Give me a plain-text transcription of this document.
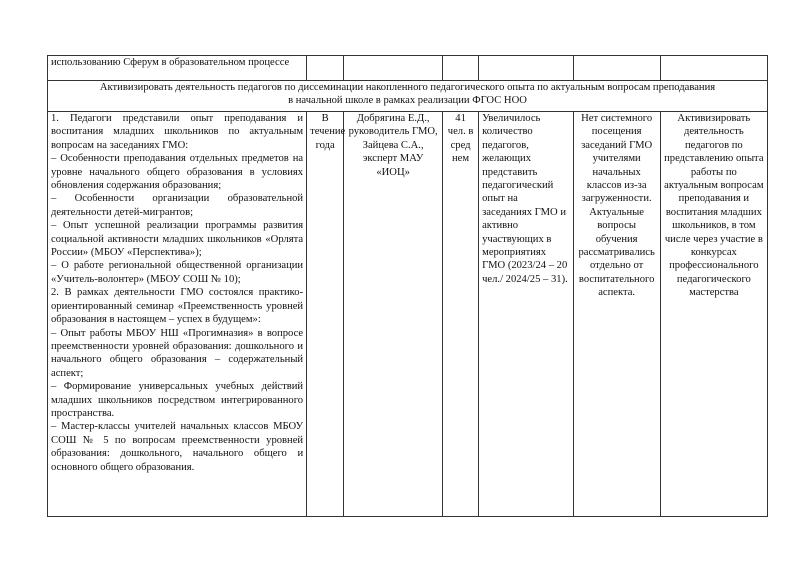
использованию Сферум в образовательном процессе						

Активизировать деятельность педагогов по диссеминации накопленного педагогического опыта по актуальным вопросам преподавания
в начальной школе в рамках реализации ФГОС НОО						

1. Педагоги представили опыт преподавания и воспитания младших школьников по актуальным вопросам на заседаниях ГМО:
– Особенности преподавания отдельных предметов на уровне начального общего образования в условиях обновления содержания образования;
– Особенности организации образовательной деятельности детей-мигрантов;
– Опыт успешной реализации программы развития социальной активности младших школьников «Орлята России» (МБОУ «Перспектива»);
– О работе региональной общественной организации «Учитель-волонтер» (МБОУ СОШ № 10);
2. В рамках деятельности ГМО состоялся практико-ориентированный семинар «Преемственность уровней образования в настоящем – успех в будущем»:
– Опыт работы МБОУ НШ «Прогимназия» в вопросе преемственности уровней образования: дошкольного и начального общего образования – содержательный аспект;
– Формирование универсальных учебных действий младших школьников посредством интегрированного пространства.
– Мастер-классы учителей начальных классов МБОУ СОШ № 5 по вопросам преемственности уровней образования: дошкольного, начального общего и основного общего образования.
	В течение года	Добрягина Е.Д., руководитель ГМО, Зайцева С.А., эксперт МАУ «ИОЦ»	41 чел. в сред нем	Увеличилось количество педагогов, желающих представить педагогический опыт на заседаниях ГМО и активно участвующих в мероприятиях ГМО (2023/24 – 20 чел./ 2024/25 – 31).	Нет системного посещения заседаний ГМО учителями начальных классов из-за загруженности. Актуальные вопросы обучения рассматривались отдельно от воспитательного аспекта.	Активизировать деятельность педагогов по представлению опыта работы по актуальным вопросам преподавания и воспитания младших школьников, в том числе через участие в конкурсах профессионального педагогического мастерства
